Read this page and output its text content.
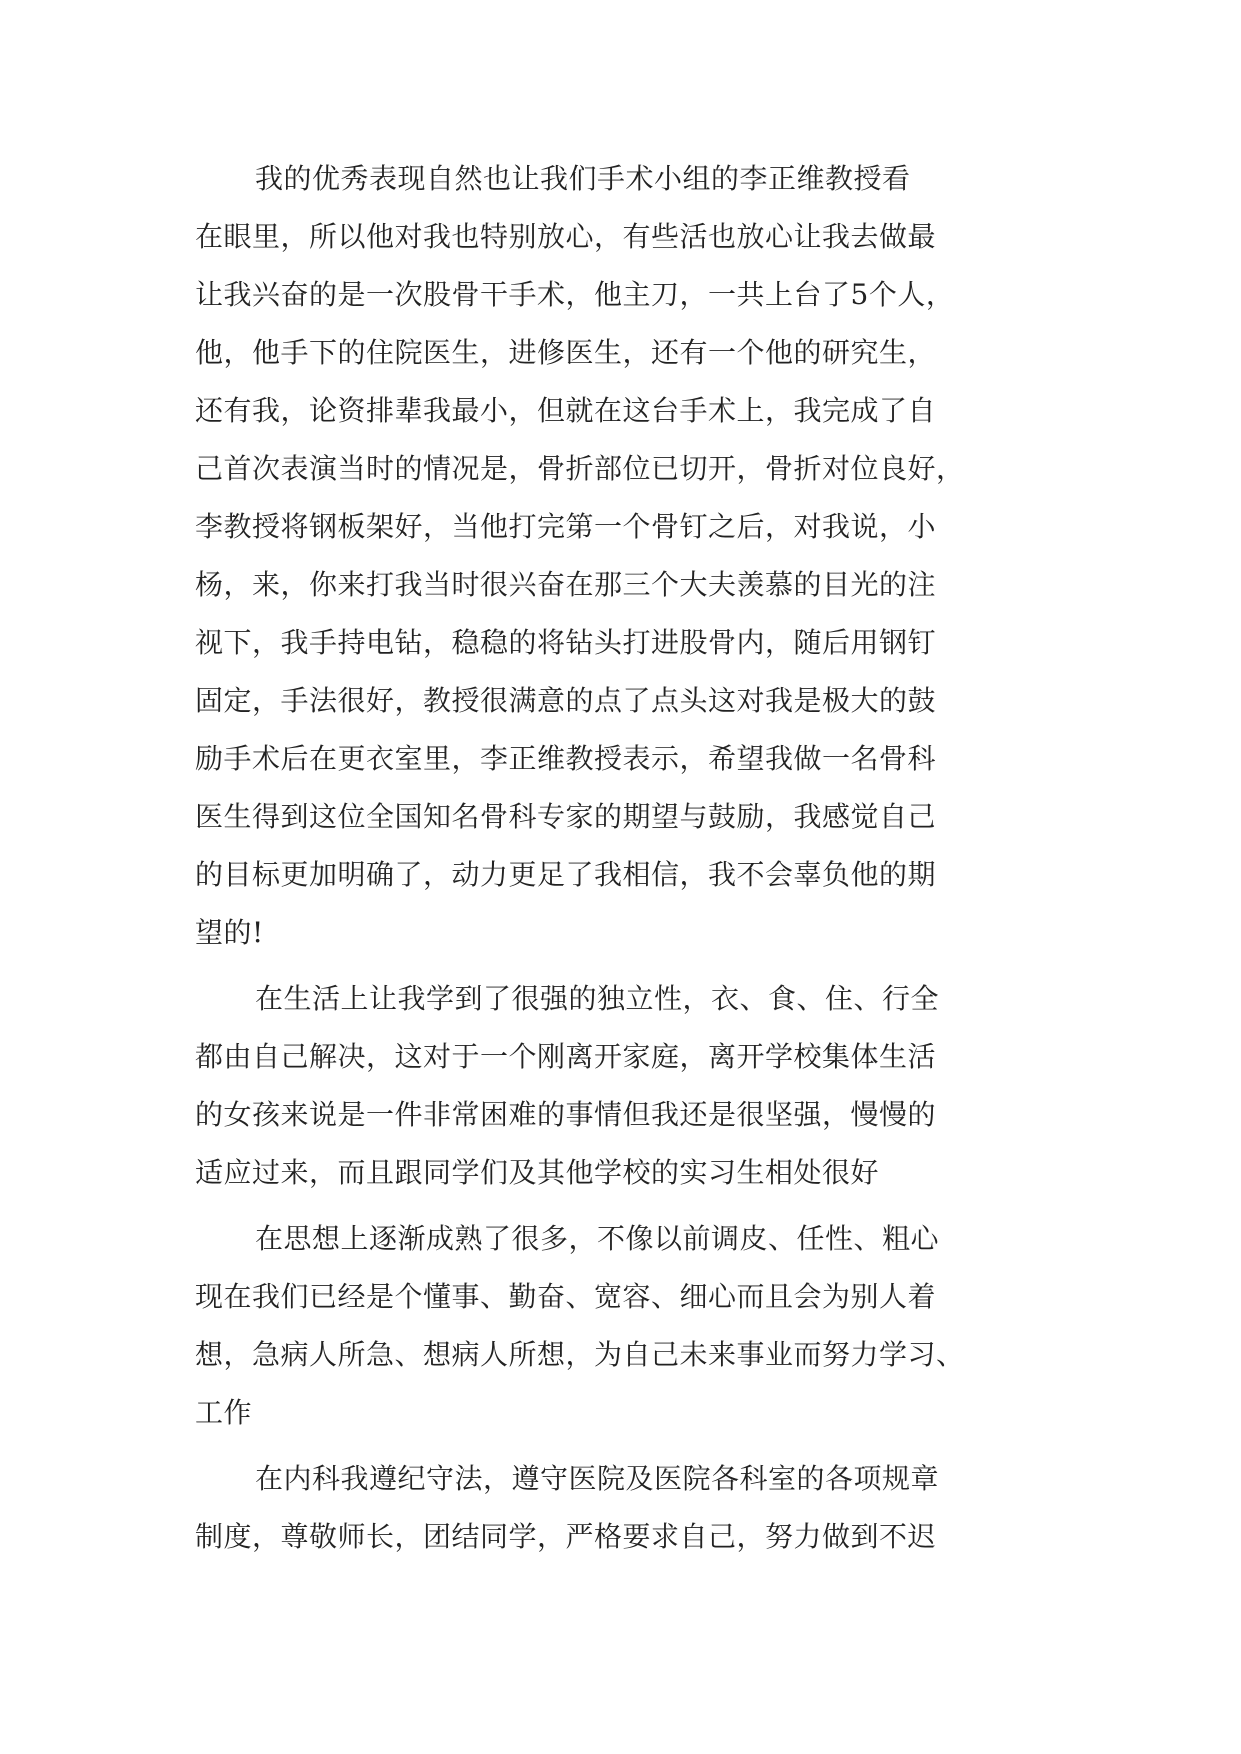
我的优秀表现自然也让我们手术小组的李正维教授看
在眼里，所以他对我也特别放心，有些活也放心让我去做最
让我兴奋的是一次股骨干手术，他主刀，一共上台了5个人，
他，他手下的住院医生，进修医生，还有一个他的研究生，
还有我，论资排辈我最小，但就在这台手术上，我完成了自
己首次表演当时的情况是，骨折部位已切开，骨折对位良好，
李教授将钢板架好，当他打完第一个骨钉之后，对我说，小
杨，来，你来打我当时很兴奋在那三个大夫羡慕的目光的注
视下，我手持电钻，稳稳的将钻头打进股骨内，随后用钢钉
固定，手法很好，教授很满意的点了点头这对我是极大的鼓
励手术后在更衣室里，李正维教授表示，希望我做一名骨科
医生得到这位全国知名骨科专家的期望与鼓励，我感觉自己
的目标更加明确了，动力更足了我相信，我不会辜负他的期
望的!
在生活上让我学到了很强的独立性，衣、食、住、行全
都由自己解决，这对于一个刚离开家庭，离开学校集体生活
的女孩来说是一件非常困难的事情但我还是很坚强，慢慢的
适应过来，而且跟同学们及其他学校的实习生相处很好
在思想上逐渐成熟了很多，不像以前调皮、任性、粗心
现在我们已经是个懂事、勤奋、宽容、细心而且会为别人着
想，急病人所急、想病人所想，为自己未来事业而努力学习、
工作
在内科我遵纪守法，遵守医院及医院各科室的各项规章
制度，尊敬师长，团结同学，严格要求自己，努力做到不迟
